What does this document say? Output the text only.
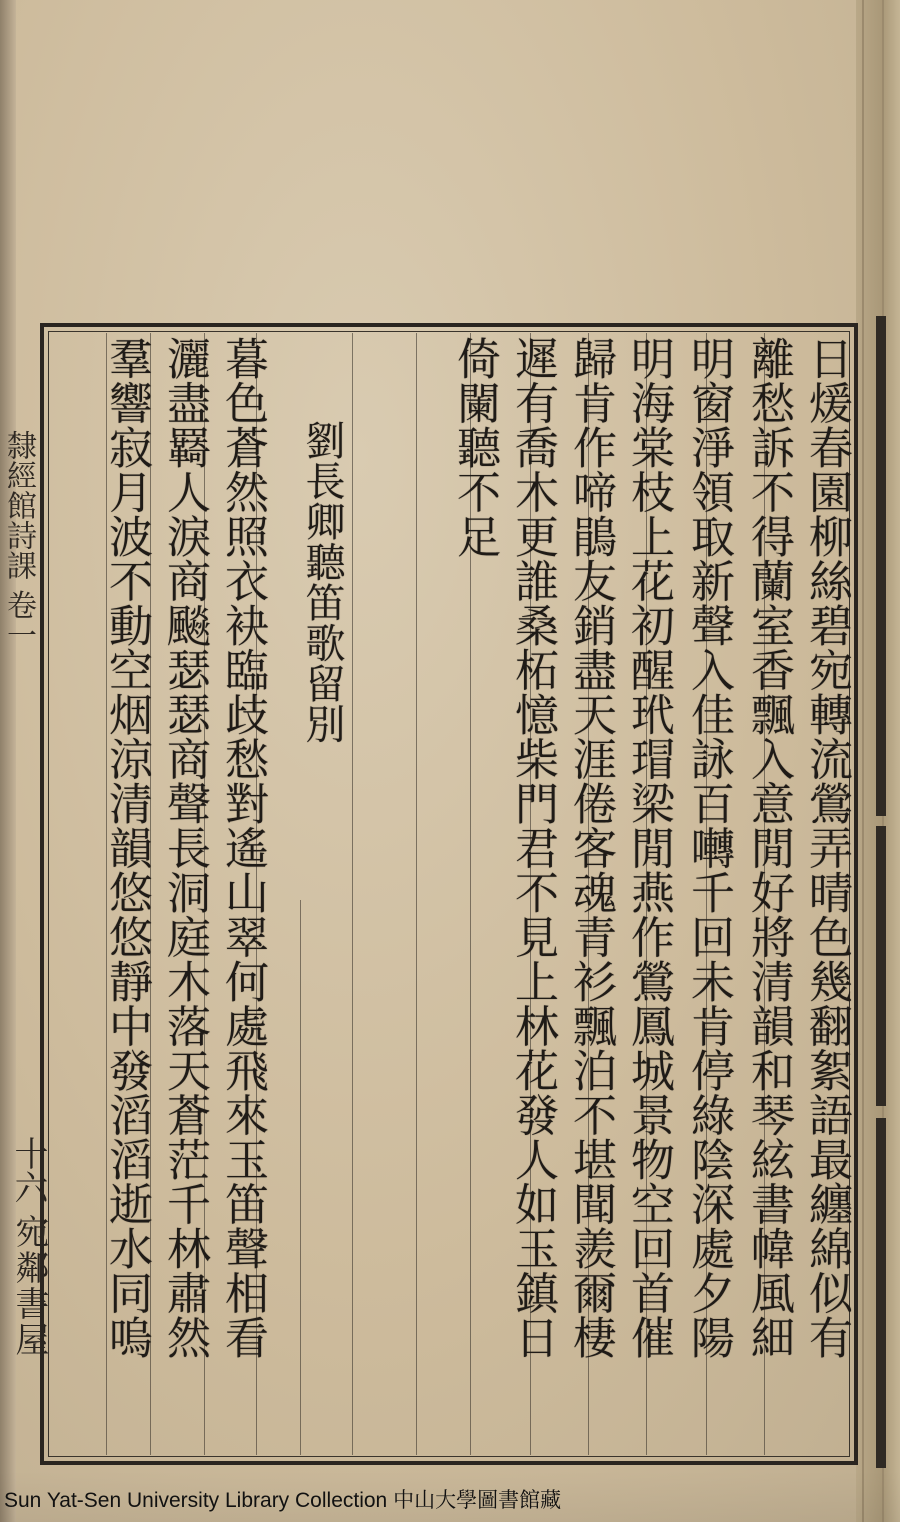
隸經館詩課 卷一
十六
宛鄰書屋	日煖春園柳絲碧宛轉流鶯弄晴色幾翻絮語最纏綿似有
離愁訴不得蘭室香飄入意閒好將清韻和琴絃書幃風細
明窗淨領取新聲入佳詠百囀千回未肯停綠陰深處夕陽
明海棠枝上花初醒玳瑁梁閒燕作鶯鳳城景物空回首催
歸肯作啼鵑友銷盡天涯倦客魂青衫飄泊不堪聞羨爾棲
遲有喬木更誰桑柘憶柴門君不見上林花發人如玉鎮日
倚闌聽不足
劉長卿聽笛歌留別
暮色蒼然照衣袂臨歧愁對遙山翠何處飛來玉笛聲相看
灑盡羇人淚商飈瑟瑟商聲長洞庭木落天蒼茫千林肅然
羣響寂月波不動空烟涼清韻悠悠靜中發滔滔逝水同嗚
Sun Yat-Sen University Library Collection 中山大學圖書館藏
